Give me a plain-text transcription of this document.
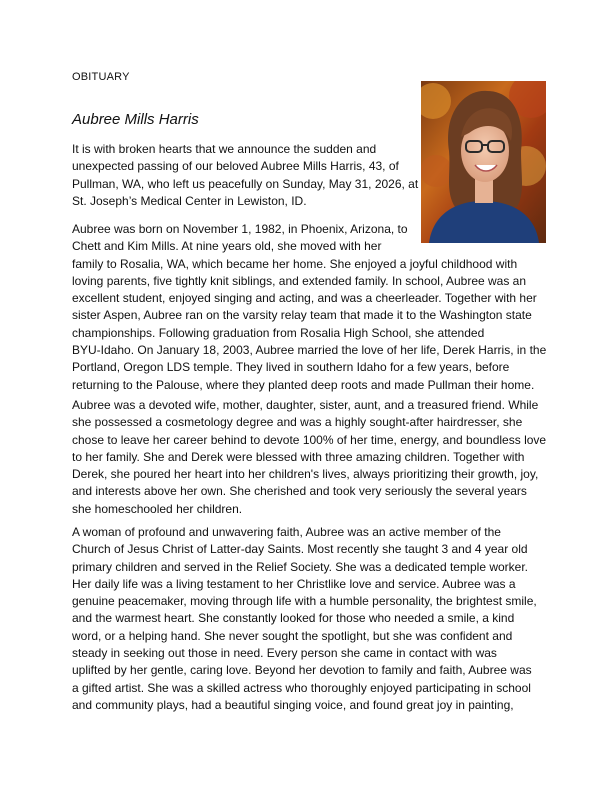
OBITUARY
Aubree Mills Harris

It is with broken hearts that we announce the sudden and
unexpected passing of our beloved Aubree Mills Harris, 43, of
Pullman, WA, who left us peacefully on Sunday, May 31, 2026, at
St. Joseph’s Medical Center in Lewiston, ID.

Aubree was born on November 1, 1982, in Phoenix, Arizona, to
Chett and Kim Mills. At nine years old, she moved with her
family to Rosalia, WA, which became her home. She enjoyed a joyful childhood with
loving parents, five tightly knit siblings, and extended family. In school, Aubree was an
excellent student, enjoyed singing and acting, and was a cheerleader. Together with her
sister Aspen, Aubree ran on the varsity relay team that made it to the Washington state
championships. Following graduation from Rosalia High School, she attended
BYU-Idaho. On January 18, 2003, Aubree married the love of her life, Derek Harris, in the
Portland, Oregon LDS temple. They lived in southern Idaho for a few years, before
returning to the Palouse, where they planted deep roots and made Pullman their home.

Aubree was a devoted wife, mother, daughter, sister, aunt, and a treasured friend. While
she possessed a cosmetology degree and was a highly sought-after hairdresser, she
chose to leave her career behind to devote 100% of her time, energy, and boundless love
to her family. She and Derek were blessed with three amazing children. Together with
Derek, she poured her heart into her children's lives, always prioritizing their growth, joy,
and interests above her own. She cherished and took very seriously the several years
she homeschooled her children.

A woman of profound and unwavering faith, Aubree was an active member of the
Church of Jesus Christ of Latter-day Saints. Most recently she taught 3 and 4 year old
primary children and served in the Relief Society. She was a dedicated temple worker.
Her daily life was a living testament to her Christlike love and service. Aubree was a
genuine peacemaker, moving through life with a humble personality, the brightest smile,
and the warmest heart. She constantly looked for those who needed a smile, a kind
word, or a helping hand. She never sought the spotlight, but she was confident and
steady in seeking out those in need. Every person she came in contact with was
uplifted by her gentle, caring love. Beyond her devotion to family and faith, Aubree was
a gifted artist. She was a skilled actress who thoroughly enjoyed participating in school
and community plays, had a beautiful singing voice, and found great joy in painting,
